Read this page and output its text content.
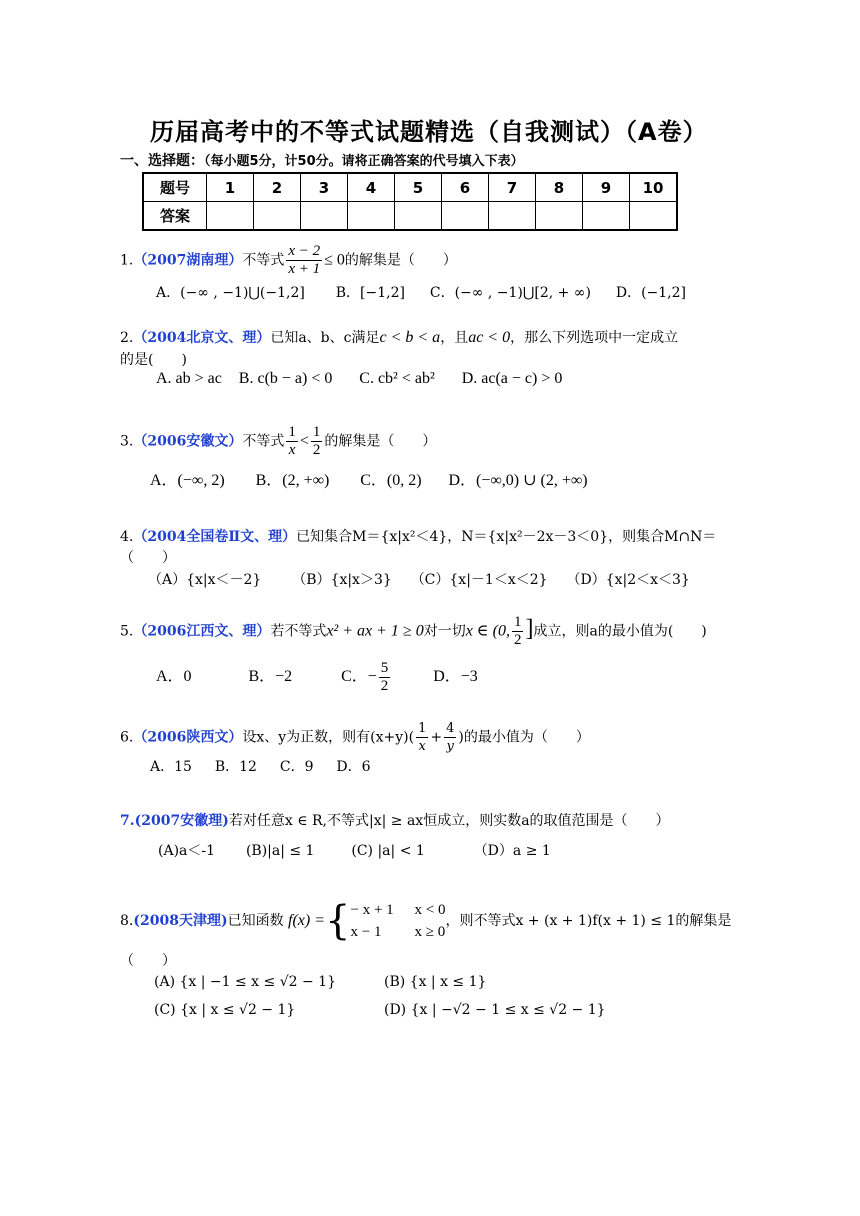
历届高考中的不等式试题精选（自我测试）（A卷）
一、选择题：（每小题5分，计50分。请将正确答案的代号填入下表）
题号	1	2	3	4	5	6	7	8	9	10
答案										
1.（2007湖南理）不等式 $\frac{x - 2}{x + 1} \le 0$的解集是（　　）
A．(−∞ , −1)⋃(−1,2] B．[−1,2] C．(−∞ , −1)⋃[2, + ∞) D．(−1,2]
2.（2004北京文、理）已知a、b、c满足c < b < a，且ac < 0，那么下列选项中一定成立
的是(　　)
A. ab > ac B. c(b − a) < 0 C. cb² < ab² D. ac(a − c) > 0
3.（2006安徽文）不等式 $\frac{1}{x} < \frac{1}{2}$ 的解集是（　　）
A．(−∞, 2) B．(2, +∞) C．(0, 2) D．(−∞,0) ∪ (2, +∞)
4.（2004全国卷Ⅱ文、理）已知集合M＝{x|x²＜4}，N＝{x|x²－2x－3＜0}，则集合M∩N＝
（　　）
（A）{x|x＜－2} （B）{x|x＞3} （C）{x|－1＜x＜2} （D）{x|2＜x＜3}
5.（2006江西文、理）若不等式x² + ax + 1 ≥ 0对一切x ∈ (0, $\frac{1}{2}$ ]成立，则a的最小值为(　　)
A．0	B．−2	C．− $\frac{5}{2}$	D．−3
6.（2006陕西文）设x、y为正数，则有$(x+y)( \frac{1}{x} + \frac{4}{y}$ )的最小值为（　　）
A．15 B．12 C．9 D．6
7.(2007安徽理)若对任意x ∈ R,不等式|x| ≥ ax恒成立，则实数a的取值范围是（　　）
(A)a＜-1 (B)|a| ≤ 1	(C) |a| < 1	（D）a ≥ 1
8.(2008天津理)已知函数 f(x) ={ − x + 1 x < 0
x − 1 x ≥ 0
，则不等式x + (x + 1)f(x + 1) ≤ 1的解集是
（　　）
(A) {x | −1 ≤ x ≤ √2 − 1}	(B) {x | x ≤ 1}
(C) {x | x ≤ √2 − 1}	(D) {x | −√2 − 1 ≤ x ≤ √2 − 1}
